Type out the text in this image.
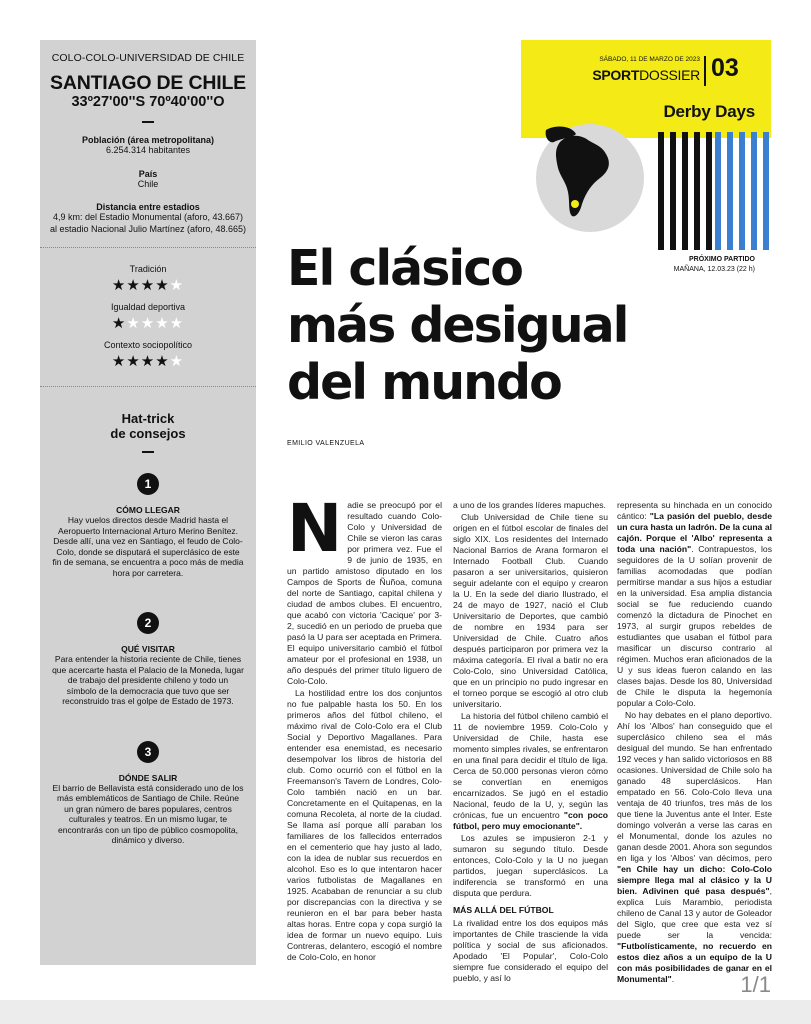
COLO-COLO-UNIVERSIDAD DE CHILE
SANTIAGO DE CHILE
33º27'00''S 70º40'00''O
Población (área metropolitana)
6.254.314 habitantes
País
Chile
Distancia entre estadios
4,9 km: del Estadio Monumental (aforo, 43.667)
al estadio Nacional Julio Martínez (aforo, 48.665)
Tradición
★★★★★
Igualdad deportiva
★★★★★
Contexto sociopolítico
★★★★★
Hat-trick
de consejos
1
CÓMO LLEGAR
Hay vuelos directos desde Madrid hasta el Aeropuerto Internacional Arturo Merino Benítez. Desde allí, una vez en Santiago, el feudo de Colo-Colo, donde se disputará el superclásico de este fin de semana, se encuentra a poco más de media hora por carretera.
2
QUÉ VISITAR
Para entender la historia reciente de Chile, tienes que acercarte hasta el Palacio de la Moneda, lugar de trabajo del presidente chileno y todo un símbolo de la democracia que tuvo que ser reconstruido tras el golpe de Estado de 1973.
3
DÓNDE SALIR
El barrio de Bellavista está considerado uno de los más emblemáticos de Santiago de Chile. Reúne un gran número de bares populares, centros culturales y teatros. En un mismo lugar, te encontrarás con un tipo de público cosmopolita, dinámico y diverso.
SÁBADO, 11 DE MARZO DE 2023
SPORTDOSSIER 03
Derby Days
PRÓXIMO PARTIDO
MAÑANA, 12.03.23 (22 h)
El clásico
más desigual
del mundo
EMILIO VALENZUELA
N adie se preocupó por el resultado cuando Colo-Colo y Universidad de Chile se vieron las caras por primera vez. Fue el 9 de junio de 1935, en un partido amistoso diputado en los Campos de Sports de Ñuñoa, comuna del norte de Santiago, capital chilena y ciudad de ambos clubes. El encuentro, que acabó con victoria 'Cacique' por 3-2, sucedió en un periodo de prueba que pasó la U para ser aceptada en Primera. El equipo universitario cambió el fútbol amateur por el profesional en 1938, un año después del primer título liguero de Colo-Colo.

La hostilidad entre los dos conjuntos no fue palpable hasta los 50. En los primeros años del fútbol chileno, el máximo rival de Colo-Colo era el Club Social y Deportivo Magallanes. Para entender esa enemistad, es necesario desempolvar los libros de historia del club. Como ocurrió con el fútbol en la Freemanson's Tavern de Londres, Colo-Colo también nació en un bar. Concretamente en el Quitapenas, en la comuna Recoleta, al norte de la ciudad. Se llama así porque allí paraban los familiares de los fallecidos enterrados en el cementerio que hay justo al lado, con la idea de nublar sus recuerdos en alcohol. Eso es lo que intentaron hacer varios futbolistas de Magallanes en 1925. Acababan de renunciar a su club por discrepancias con la directiva y se reunieron en el bar para beber hasta altas horas. Entre copa y copa surgió la idea de formar un nuevo equipo. Luis Contreras, delantero, escogió el nombre de Colo-Colo, en honor

a uno de los grandes líderes mapuches.

Club Universidad de Chile tiene su origen en el fútbol escolar de finales del siglo XIX. Los residentes del Internado Nacional Barrios de Arana formaron el Internado Football Club. Cuando pasaron a ser universitarios, quisieron seguir adelante con el equipo y crearon la U. En la sede del diario Ilustrado, el 24 de mayo de 1927, nació el Club Universitario de Deportes, que cambió de nombre en 1934 para ser Universidad de Chile. Cuatro años después participaron por primera vez la máxima categoría. El rival a batir no era Colo-Colo, sino Universidad Católica, que en un principio no pudo ingresar en el torneo porque se escogió al otro club universitario.

La historia del fútbol chileno cambió el 11 de noviembre 1959. Colo-Colo y Universidad de Chile, hasta ese momento simples rivales, se enfrentaron en una final para decidir el título de liga. Cerca de 50.000 personas vieron cómo se convertían en enemigos encarnizados. Se jugó en el estadio Nacional, feudo de la U, y, según las crónicas, fue un encuentro "con poco fútbol, pero muy emocionante".

Los azules se impusieron 2-1 y sumaron su segundo título. Desde entonces, Colo-Colo y la U no juegan partidos, juegan superclásicos. La indiferencia se transformó en una disputa que perdura.

MÁS ALLÁ DEL FÚTBOL

La rivalidad entre los dos equipos más importantes de Chile trasciende la vida política y social de sus aficionados. Apodado 'El Popular', Colo-Colo siempre fue considerado el equipo del pueblo, y así lo

representa su hinchada en un conocido cántico: "La pasión del pueblo, desde un cura hasta un ladrón. De la cuna al cajón. Porque el 'Albo' representa a toda una nación". Contrapuestos, los seguidores de la U solían provenir de familias acomodadas que podían permitirse mandar a sus hijos a estudiar en la universidad. Esa amplia distancia social se fue reduciendo cuando comenzó la dictadura de Pinochet en 1973, al surgir grupos rebeldes de estudiantes que usaban el fútbol para masificar un discurso contrario al régimen. Muchos eran aficionados de la U y sus ideas fueron calando en las clases bajas. Desde los 80, Universidad de Chile le disputa la hegemonía popular a Colo-Colo.

No hay debates en el plano deportivo. Ahí los 'Albos' han conseguido que el superclásico chileno sea el más desigual del mundo. Se han enfrentado 192 veces y han salido victoriosos en 88 ocasiones. Universidad de Chile solo ha ganado 48 superclásicos. Han empatado en 56. Colo-Colo lleva una ventaja de 40 triunfos, tres más de los que tiene la Juventus ante el Inter. Este domingo volverán a verse las caras en el Monumental, donde los azules no ganan desde 2001. Ahora son segundos en liga y los 'Albos' van décimos, pero "en Chile hay un dicho: Colo-Colo siempre llega mal al clásico y la U bien. Adivinen qué pasa después", explica Luis Marambio, periodista chileno de Canal 13 y autor de Goleador del Siglo, que cree que esta vez sí puede ser la vencida: "Futbolísticamente, no recuerdo en estos diez años a un equipo de la U con más posibilidades de ganar en el Monumental".	1/1
